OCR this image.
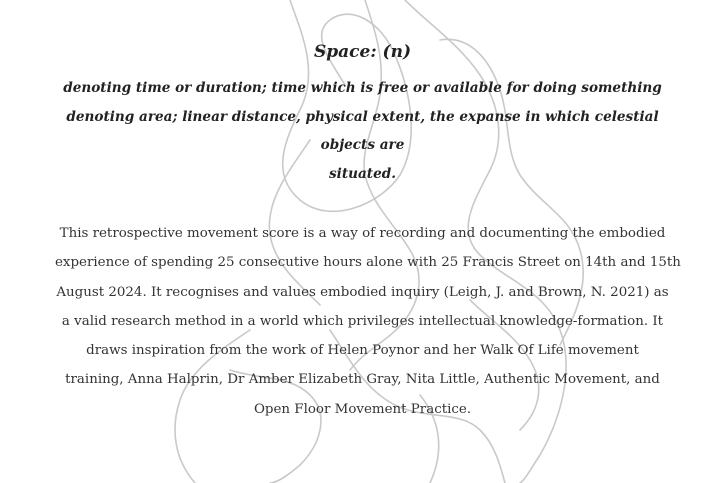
Space: (n)
denoting time or duration; time which is free or available for doing something
denoting area; linear distance, physical extent, the expanse in which celestial objects are
situated.
This retrospective movement score is a way of recording and documenting the embodied
experience of spending 25 consecutive hours alone with 25 Francis Street on 14th and 15th
August 2024. It recognises and values embodied inquiry (Leigh, J. and Brown, N. 2021) as
a valid research method in a world which privileges intellectual knowledge-formation. It
draws inspiration from the work of Helen Poynor and her Walk Of Life movement
training, Anna Halprin, Dr Amber Elizabeth Gray, Nita Little, Authentic Movement, and
Open Floor Movement Practice.
